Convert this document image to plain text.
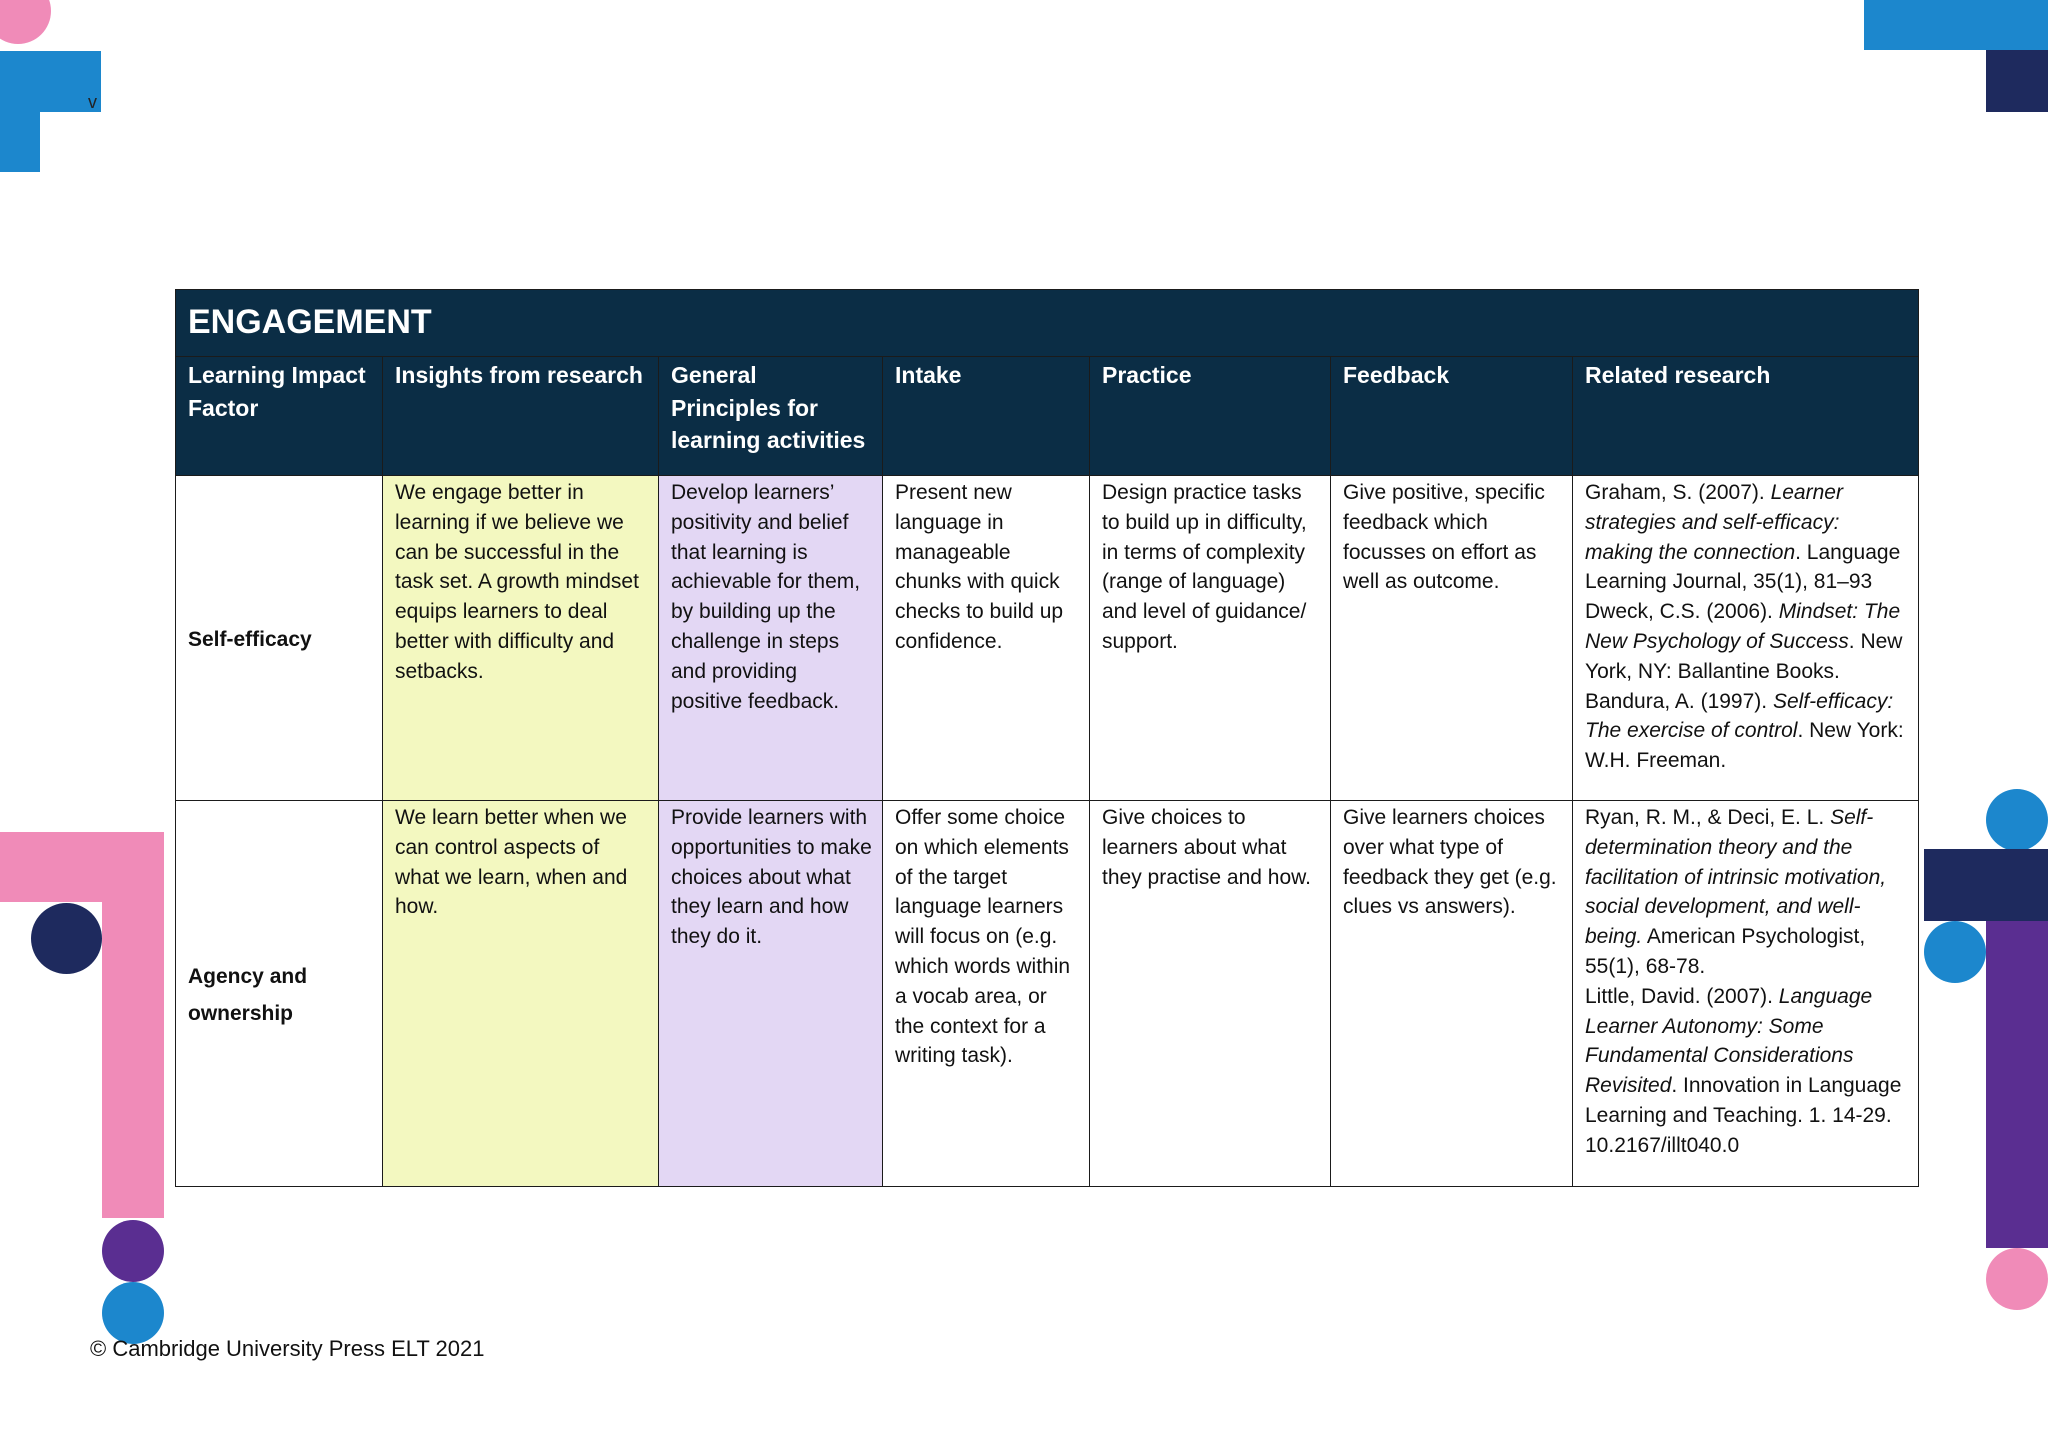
v
ENGAGEMENT						
Learning Impact Factor	Insights from research	General Principles for learning activities	Intake	Practice	Feedback	Related research
Self-efficacy	We engage better in learning if we believe we can be successful in the task set. A growth mindset equips learners to deal better with difficulty and setbacks.	Develop learners’ positivity and belief that learning is achievable for them, by building up the challenge in steps and providing positive feedback.	Present new language in manageable chunks with quick checks to build up confidence.	Design practice tasks to build up in difficulty, in terms of complexity (range of language) and level of guidance/ support.	Give positive, specific feedback which focusses on effort as well as outcome.	Graham, S. (2007). Learner strategies and self-efficacy: making the connection. Language Learning Journal, 35(1), 81–93
Dweck, C.S. (2006). Mindset: The New Psychology of Success. New York, NY: Ballantine Books.
Bandura, A. (1997). Self-efficacy: The exercise of control. New York: W.H. Freeman.
Agency and ownership	We learn better when we can control aspects of what we learn, when and how.	Provide learners with opportunities to make choices about what they learn and how they do it.	Offer some choice on which elements of the target language learners will focus on (e.g. which words within a vocab area, or the context for a writing task).	Give choices to learners about what they practise and how.	Give learners choices over what type of feedback they get (e.g. clues vs answers).	Ryan, R. M., & Deci, E. L. Self-determination theory and the facilitation of intrinsic motivation, social development, and well-being. American Psychologist, 55(1), 68-78.
Little, David. (2007). Language Learner Autonomy: Some Fundamental Considerations Revisited. Innovation in Language Learning and Teaching. 1. 14-29. 10.2167/illt040.0
© Cambridge University Press ELT 2021
